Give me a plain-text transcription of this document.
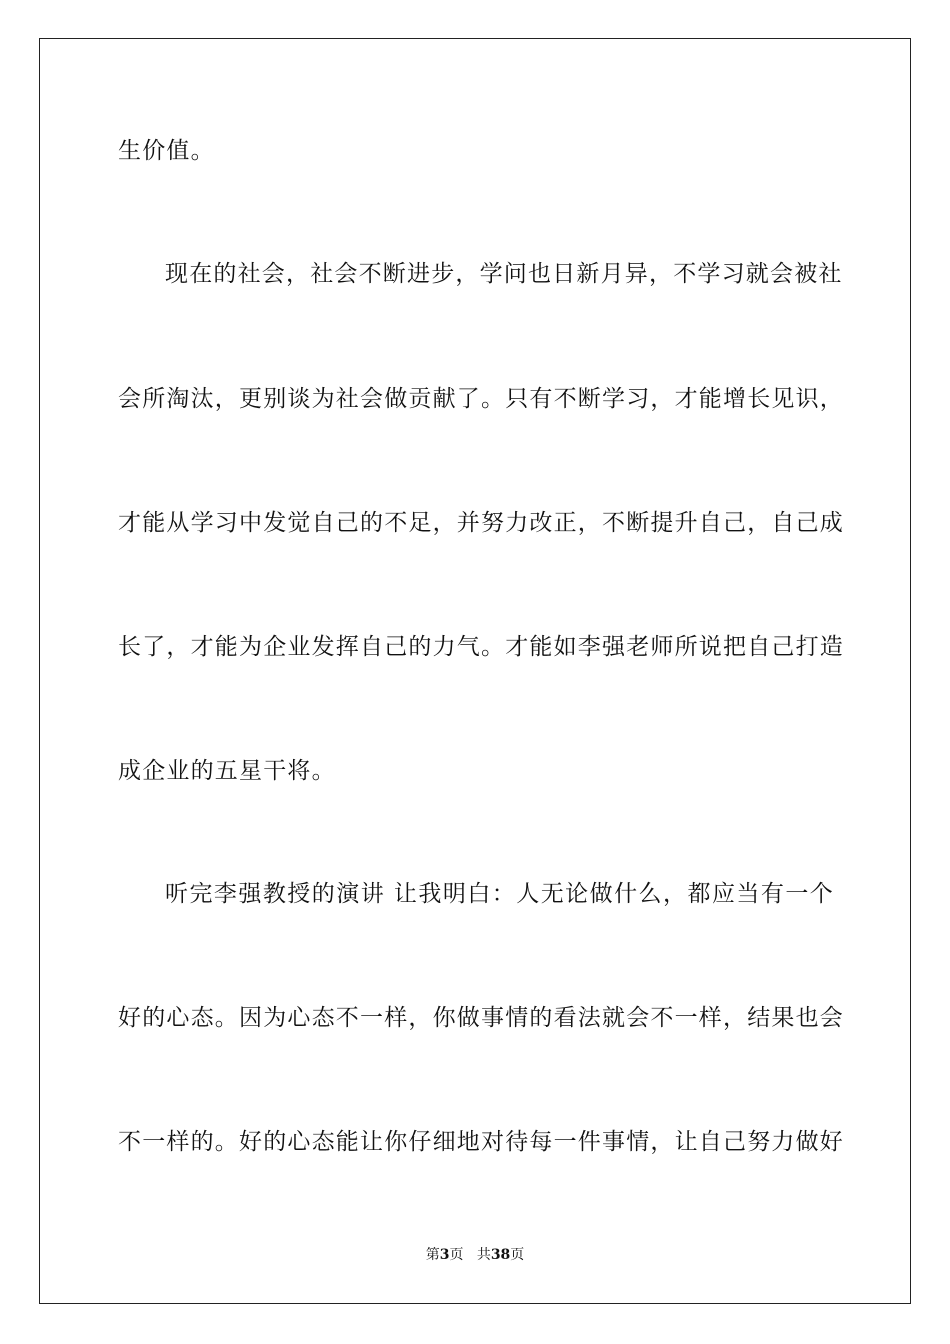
生价值。
现在的社会，社会不断进步，学问也日新月异，不学习就会被社
会所淘汰，更别谈为社会做贡献了。只有不断学习，才能增长见识，
才能从学习中发觉自己的不足，并努力改正，不断提升自己，自己成
长了，才能为企业发挥自己的力气。才能如李强老师所说把自己打造
成企业的五星干将。
听完李强教授的演讲 让我明白：人无论做什么，都应当有一个
好的心态。因为心态不一样，你做事情的看法就会不一样，结果也会
不一样的。好的心态能让你仔细地对待每一件事情，让自己努力做好
第3页 共38页
